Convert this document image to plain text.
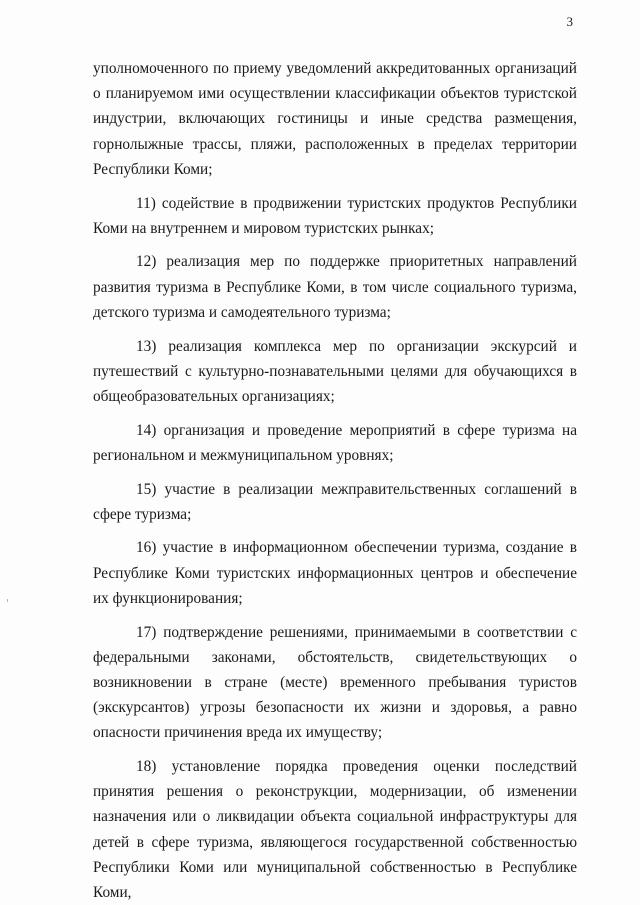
3

уполномоченного по приему уведомлений аккредитованных организаций о планируемом ими осуществлении классификации объектов туристской индустрии, включающих гостиницы и иные средства размещения, горнолыжные трассы, пляжи, расположенных в пределах территории Республики Коми;

11) содействие в продвижении туристских продуктов Республики Коми на внутреннем и мировом туристских рынках;

12) реализация мер по поддержке приоритетных направлений развития туризма в Республике Коми, в том числе социального туризма, детского туризма и самодеятельного туризма;

13) реализация комплекса мер по организации экскурсий и путешествий с культурно-познавательными целями для обучающихся в общеобразовательных организациях;

14) организация и проведение мероприятий в сфере туризма на региональном и межмуниципальном уровнях;

15) участие в реализации межправительственных соглашений в сфере туризма;

16) участие в информационном обеспечении туризма, создание в Республике Коми туристских информационных центров и обеспечение их функционирования;

17) подтверждение решениями, принимаемыми в соответствии с федеральными законами, обстоятельств, свидетельствующих о возникновении в стране (месте) временного пребывания туристов (экскурсантов) угрозы безопасности их жизни и здоровья, а равно опасности причинения вреда их имуществу;

18) установление порядка проведения оценки последствий принятия решения о реконструкции, модернизации, об изменении назначения или о ликвидации объекта социальной инфраструктуры для детей в сфере туризма, являющегося государственной собственностью Республики Коми или муниципальной собственностью в Республике Коми,
